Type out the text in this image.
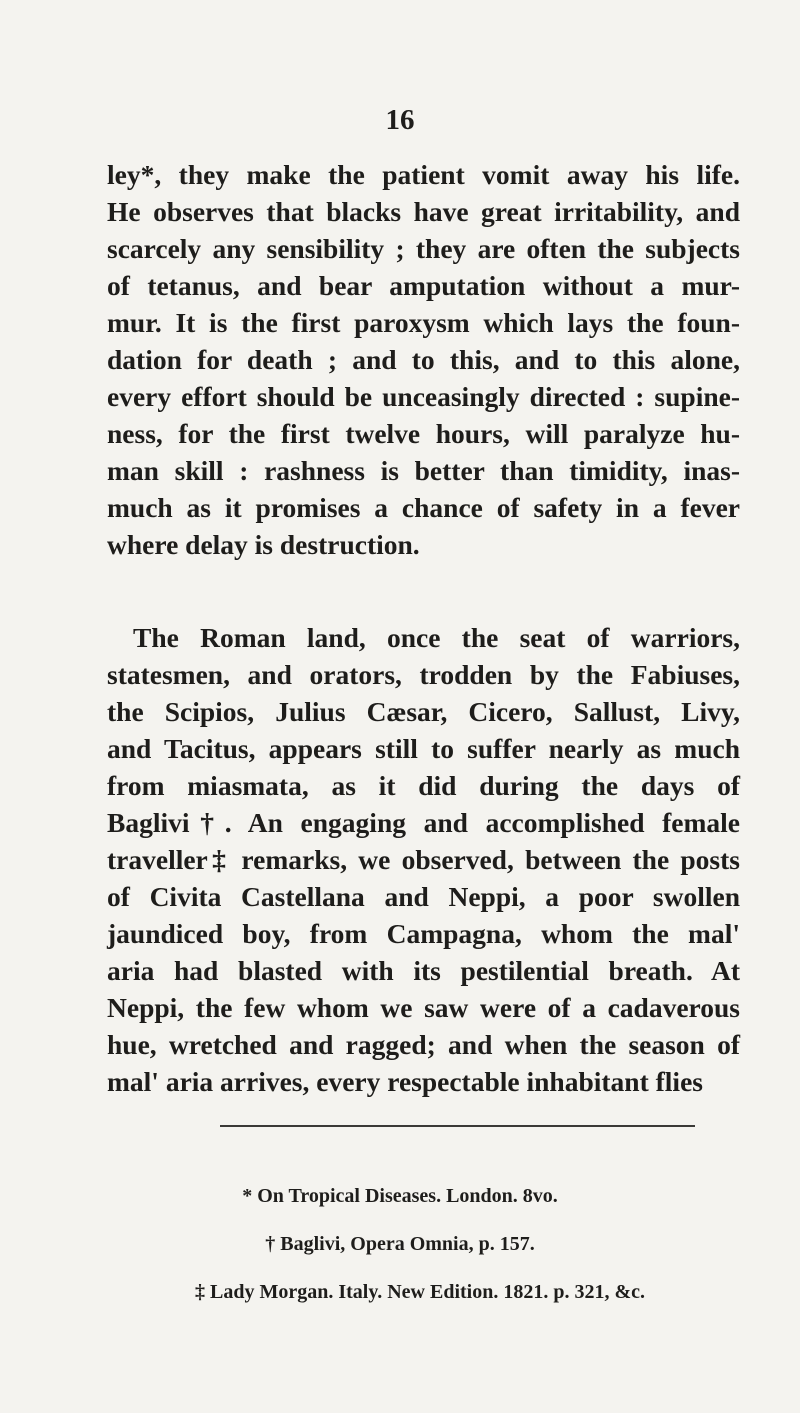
16
ley*, they make the patient vomit away his life.
He observes that blacks have great irritability, and
scarcely any sensibility ; they are often the subjects
of tetanus, and bear amputation without a mur-
mur. It is the first paroxysm which lays the foun-
dation for death ; and to this, and to this alone,
every effort should be unceasingly directed : supine-
ness, for the first twelve hours, will paralyze hu-
man skill : rashness is better than timidity, inas-
much as it promises a chance of safety in a fever
where delay is destruction.
The Roman land, once the seat of warriors,
statesmen, and orators, trodden by the Fabiuses,
the Scipios, Julius Cæsar, Cicero, Sallust, Livy,
and Tacitus, appears still to suffer nearly as much
from miasmata, as it did during the days of
Baglivi†. An engaging and accomplished female
traveller‡ remarks, we observed, between the posts
of Civita Castellana and Neppi, a poor swollen
jaundiced boy, from Campagna, whom the mal'
aria had blasted with its pestilential breath. At
Neppi, the few whom we saw were of a cadaverous
hue, wretched and ragged; and when the season of
mal' aria arrives, every respectable inhabitant flies
* On Tropical Diseases. London. 8vo.
† Baglivi, Opera Omnia, p. 157.
‡ Lady Morgan. Italy. New Edition. 1821. p. 321, &c.
